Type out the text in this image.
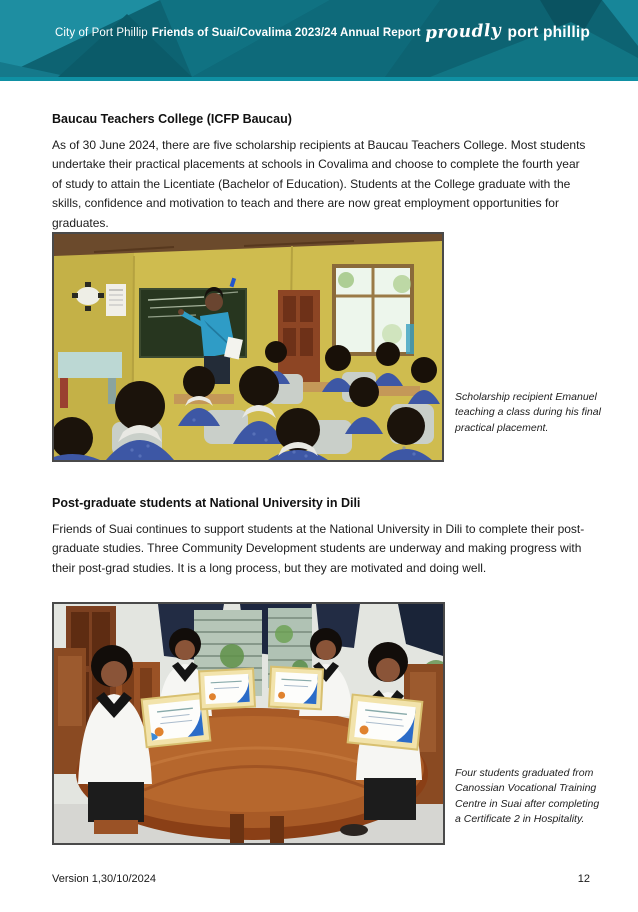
City of Port Phillip Friends of Suai/Covalima 2023/24 Annual Report proudly port phillip
Baucau Teachers College (ICFP Baucau)
As of 30 June 2024, there are five scholarship recipients at Baucau Teachers College. Most students undertake their practical placements at schools in Covalima and choose to complete the fourth year of study to attain the Licentiate (Bachelor of Education). Students at the College graduate with the skills, confidence and motivation to teach and there are now great employment opportunities for graduates.
Scholarship recipient Emanuel teaching a class during his final practical placement.
Post-graduate students at National University in Dili
Friends of Suai continues to support students at the National University in Dili to complete their post-graduate studies. Three Community Development students are underway and making progress with their post-grad studies. It is a long process, but they are motivated and doing well.
Four students graduated from Canossian Vocational Training Centre in Suai after completing a Certificate 2 in Hospitality.
Version 1,30/10/2024	12
